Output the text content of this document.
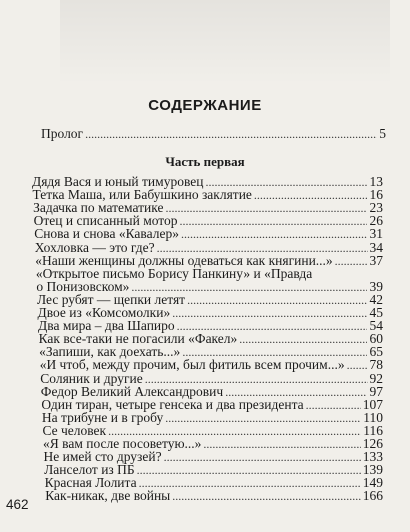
СОДЕРЖАНИЕ
Пролог .....	5
Часть первая
Дядя Вася и юный тимуровец .....	13
Тетка Маша, или Бабушкино заклятие .....	16
Задачка по математике .....	23
Отец и списанный мотор .....	26
Снова и снова «Кавалер» .....	31
Хохловка — это где? .....	34
«Наши женщины должны одеваться как княгини...» .....	37
«Открытое письмо Борису Панкину» и «Правда
о Понизовском» .....	39
Лес рубят — щепки летят .....	42
Двое из «Комсомолки» .....	45
Два мира – два Шапиро .....	54
Как все-таки не погасили «Факел» .....	60
«Запиши, как доехать...» .....	65
«И чтоб, между прочим, был фитиль всем прочим...» ..... 78
Соляник и другие .....	92
Федор Великий Александрович .....	97
Один тиран, четыре генсека и два президента .....	107
На трибуне и в гробу .....	110
Се человек .....	116
«Я вам после посоветую...» .....	126
Не имей сто друзей? .....	133
Ланселот из ПБ .....	139
Красная Лолита .....	149
Как-никак, две войны .....	166
462
